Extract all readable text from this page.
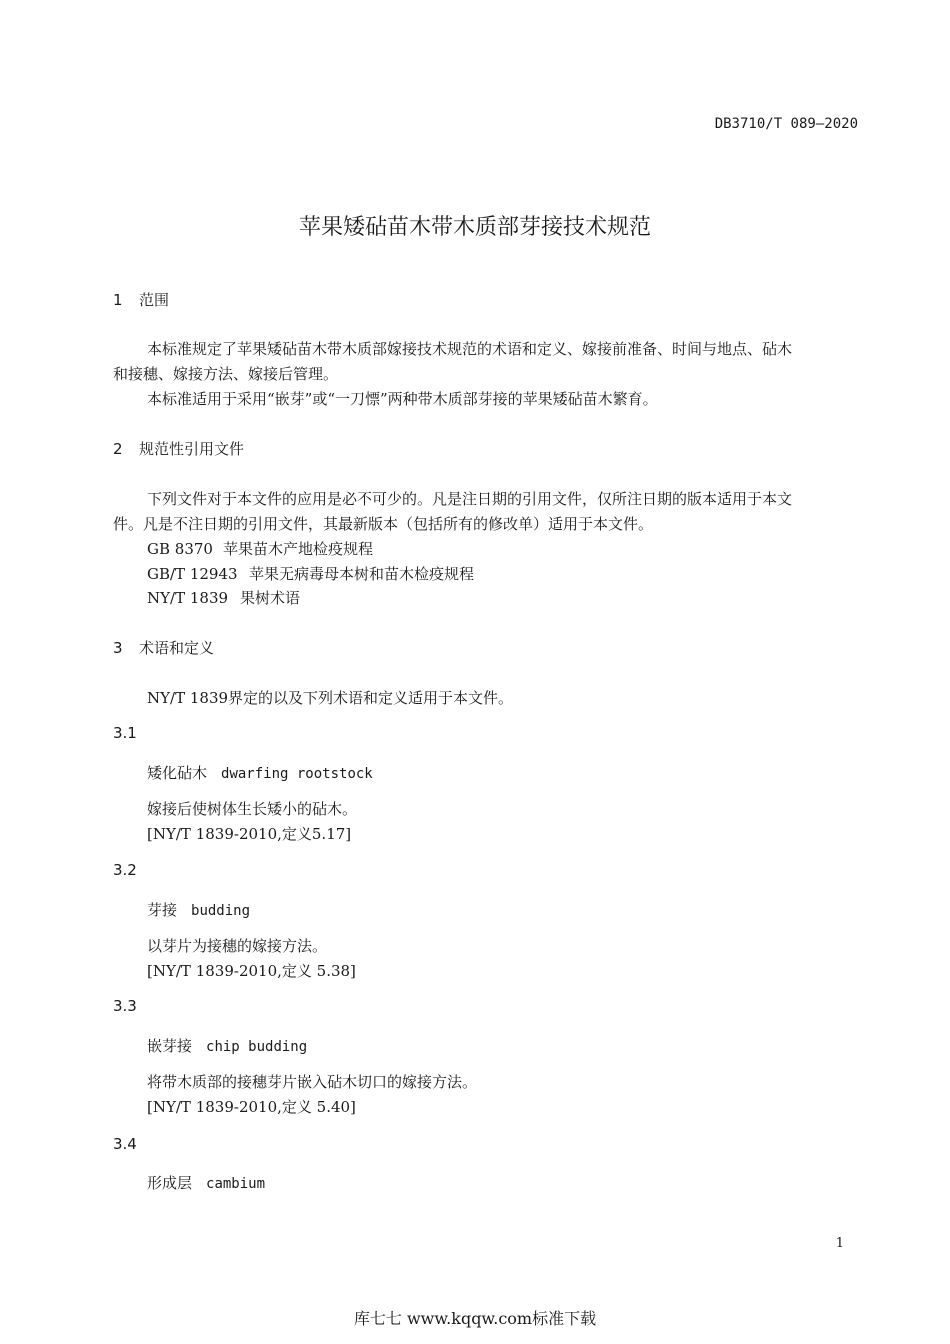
DB3710/T 089—2020
苹果矮砧苗木带木质部芽接技术规范
1 范围
本标准规定了苹果矮砧苗木带木质部嫁接技术规范的术语和定义、嫁接前准备、时间与地点、砧木
和接穗、嫁接方法、嫁接后管理。
本标准适用于采用“嵌芽”或“一刀慓”两种带木质部芽接的苹果矮砧苗木繁育。
2 规范性引用文件
下列文件对于本文件的应用是必不可少的。凡是注日期的引用文件，仅所注日期的版本适用于本文
件。凡是不注日期的引用文件，其最新版本（包括所有的修改单）适用于本文件。
GB 8370 苹果苗木产地检疫规程
GB/T 12943 苹果无病毒母本树和苗木检疫规程
NY/T 1839 果树术语
3 术语和定义
NY/T 1839界定的以及下列术语和定义适用于本文件。
3.1
矮化砧木 dwarfing rootstock
嫁接后使树体生长矮小的砧木。
[NY/T 1839-2010,定义5.17]
3.2
芽接 budding
以芽片为接穗的嫁接方法。
[NY/T 1839-2010,定义 5.38]
3.3
嵌芽接 chip budding
将带木质部的接穗芽片嵌入砧木切口的嫁接方法。
[NY/T 1839-2010,定义 5.40]
3.4
形成层 cambium
1
库七七 www.kqqw.com标准下载
